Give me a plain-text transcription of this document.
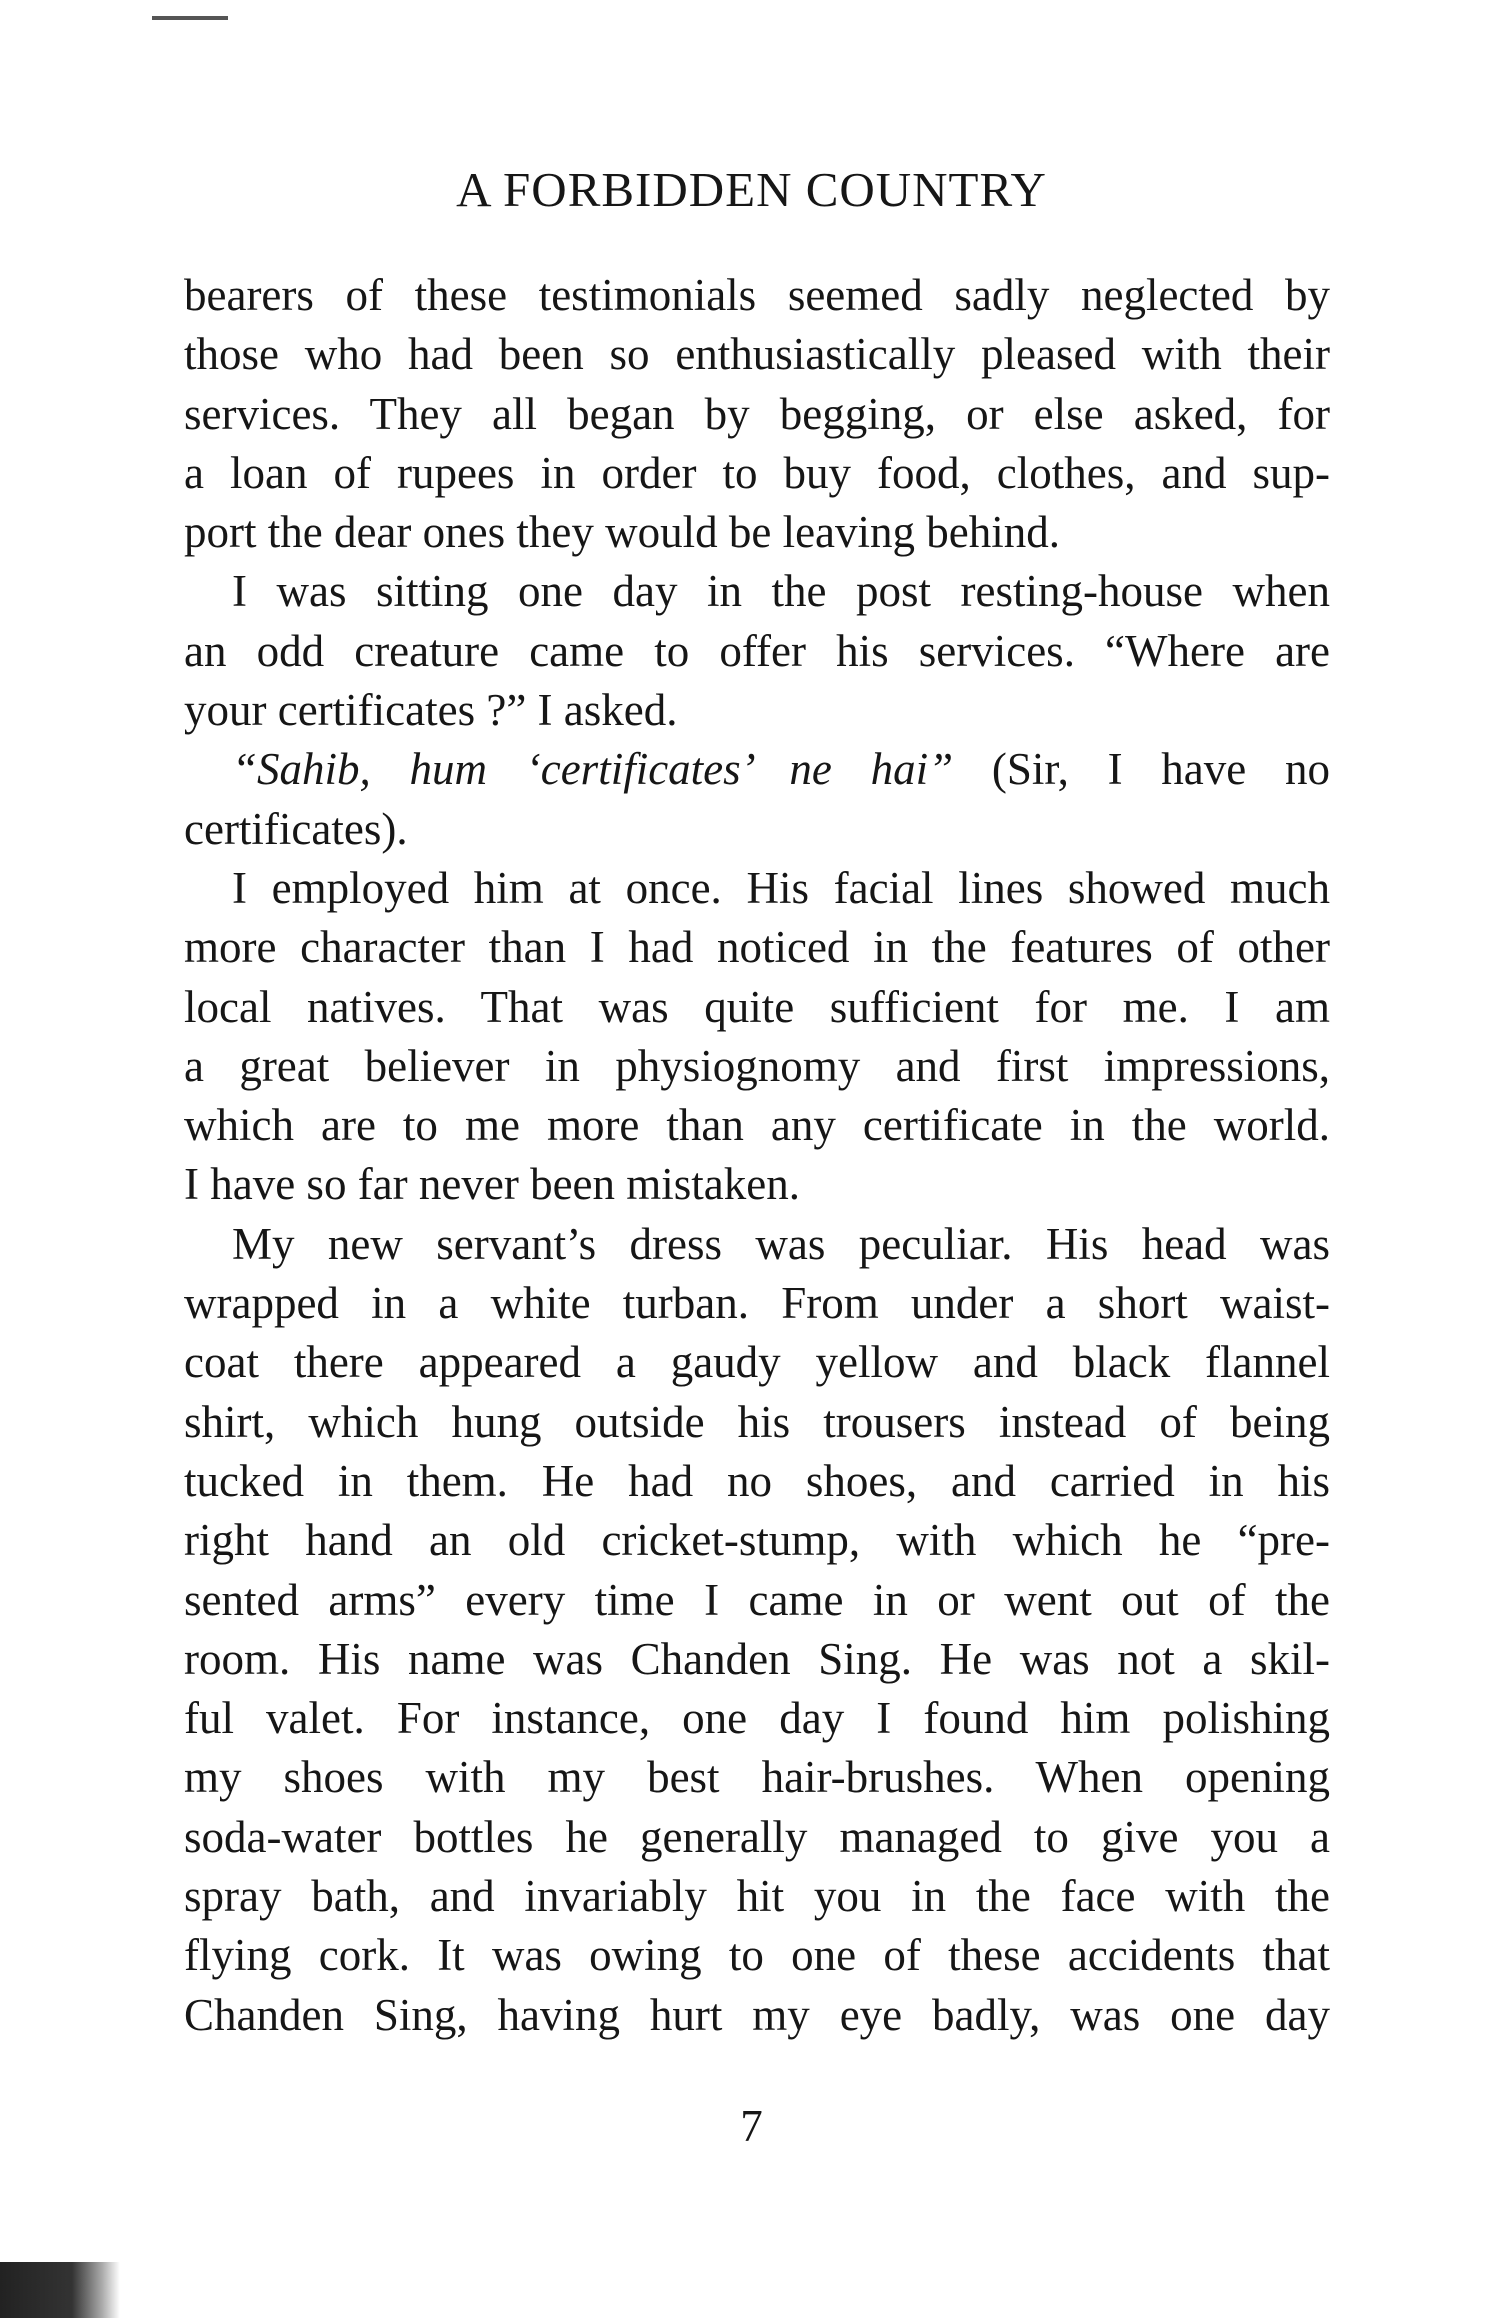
A FORBIDDEN COUNTRY
bearers of these testimonials seemed sadly neglected by
those who had been so enthusiastically pleased with their
services. They all began by begging, or else asked, for
a loan of rupees in order to buy food, clothes, and sup-
port the dear ones they would be leaving behind.
I was sitting one day in the post resting-house when
an odd creature came to offer his services. “Where are
your certificates ?” I asked.
“Sahib, hum ‘certificates’ ne hai” (Sir, I have no
certificates).
I employed him at once. His facial lines showed much
more character than I had noticed in the features of other
local natives. That was quite sufficient for me. I am
a great believer in physiognomy and first impressions,
which are to me more than any certificate in the world.
I have so far never been mistaken.
My new servant’s dress was peculiar. His head was
wrapped in a white turban. From under a short waist-
coat there appeared a gaudy yellow and black flannel
shirt, which hung outside his trousers instead of being
tucked in them. He had no shoes, and carried in his
right hand an old cricket-stump, with which he “pre-
sented arms” every time I came in or went out of the
room. His name was Chanden Sing. He was not a skil-
ful valet. For instance, one day I found him polishing
my shoes with my best hair-brushes. When opening
soda-water bottles he generally managed to give you a
spray bath, and invariably hit you in the face with the
flying cork. It was owing to one of these accidents that
Chanden Sing, having hurt my eye badly, was one day
7
